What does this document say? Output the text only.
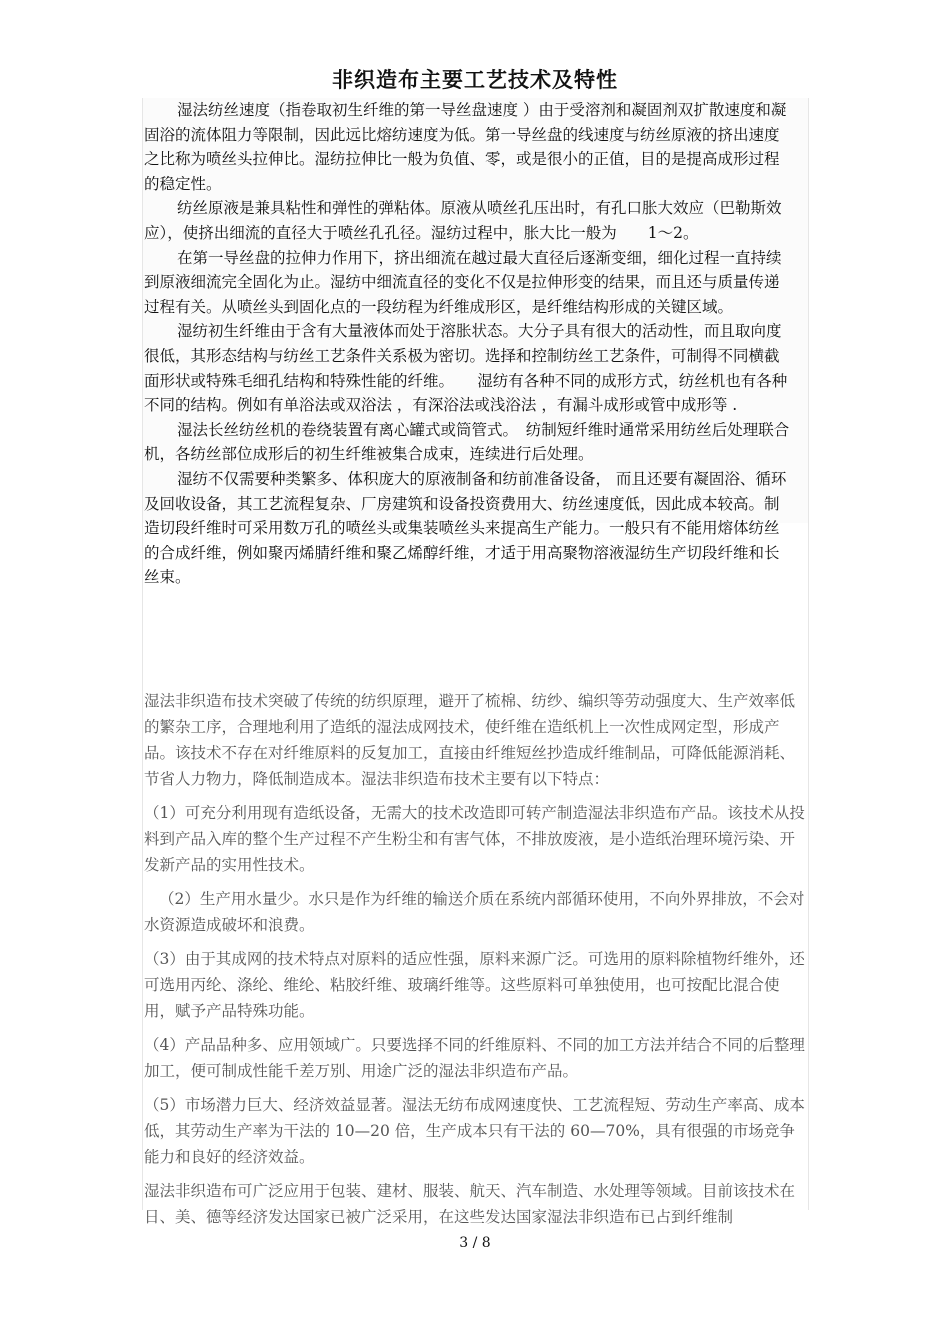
非织造布主要工艺技术及特性

湿法纺丝速度（指卷取初生纤维的第一导丝盘速度 ）由于受溶剂和凝固剂双扩散速度和凝固浴的流体阻力等限制，因此远比熔纺速度为低。第一导丝盘的线速度与纺丝原液的挤出速度之比称为喷丝头拉伸比。湿纺拉伸比一般为负值、零，或是很小的正值，目的是提高成形过程的稳定性。

纺丝原液是兼具粘性和弹性的弹粘体。原液从喷丝孔压出时，有孔口胀大效应（巴勒斯效应），使挤出细流的直径大于喷丝孔孔径。湿纺过程中，胀大比一般为　　1～2。

在第一导丝盘的拉伸力作用下，挤出细流在越过最大直径后逐渐变细，细化过程一直持续到原液细流完全固化为止。湿纺中细流直径的变化不仅是拉伸形变的结果，而且还与质量传递过程有关。从喷丝头到固化点的一段纺程为纤维成形区，是纤维结构形成的关键区域。

湿纺初生纤维由于含有大量液体而处于溶胀状态。大分子具有很大的活动性，而且取向度很低，其形态结构与纺丝工艺条件关系极为密切。选择和控制纺丝工艺条件，可制得不同横截面形状或特殊毛细孔结构和特殊性能的纤维。　　湿纺有各种不同的成形方式，纺丝机也有各种不同的结构。例如有单浴法或双浴法 ，有深浴法或浅浴法 ，有漏斗成形或管中成形等 .

湿法长丝纺丝机的卷绕装置有离心罐式或筒管式。　纺制短纤维时通常采用纺丝后处理联合机，各纺丝部位成形后的初生纤维被集合成束，连续进行后处理。

湿纺不仅需要种类繁多、体积庞大的原液制备和纺前准备设备， 而且还要有凝固浴、循环及回收设备，其工艺流程复杂、厂房建筑和设备投资费用大、纺丝速度低，因此成本较高。制造切段纤维时可采用数万孔的喷丝头或集装喷丝头来提高生产能力。一般只有不能用熔体纺丝的合成纤维，例如聚丙烯腈纤维和聚乙烯醇纤维，才适于用高聚物溶液湿纺生产切段纤维和长丝束。

湿法非织造布技术突破了传统的纺织原理，避开了梳棉、纺纱、编织等劳动强度大、生产效率低的繁杂工序，合理地利用了造纸的湿法成网技术，使纤维在造纸机上一次性成网定型，形成产品。该技术不存在对纤维原料的反复加工，直接由纤维短丝抄造成纤维制品，可降低能源消耗、节省人力物力，降低制造成本。湿法非织造布技术主要有以下特点：

（1）可充分利用现有造纸设备，无需大的技术改造即可转产制造湿法非织造布产品。该技术从投料到产品入库的整个生产过程不产生粉尘和有害气体，不排放废液，是小造纸治理环境污染、开发新产品的实用性技术。

（2）生产用水量少。水只是作为纤维的输送介质在系统内部循环使用，不向外界排放，不会对水资源造成破坏和浪费。

（3）由于其成网的技术特点对原料的适应性强，原料来源广泛。可选用的原料除植物纤维外，还可选用丙纶、涤纶、维纶、粘胶纤维、玻璃纤维等。这些原料可单独使用，也可按配比混合使用，赋予产品特殊功能。

（4）产品品种多、应用领域广。只要选择不同的纤维原料、不同的加工方法并结合不同的后整理加工，便可制成性能千差万别、用途广泛的湿法非织造布产品。

（5）市场潜力巨大、经济效益显著。湿法无纺布成网速度快、工艺流程短、劳动生产率高、成本低，其劳动生产率为干法的 10—20 倍，生产成本只有干法的 60—70%，具有很强的市场竞争能力和良好的经济效益。

湿法非织造布可广泛应用于包装、建材、服装、航天、汽车制造、水处理等领域。目前该技术在日、美、德等经济发达国家已被广泛采用，在这些发达国家湿法非织造布已占到纤维制

3 / 8
